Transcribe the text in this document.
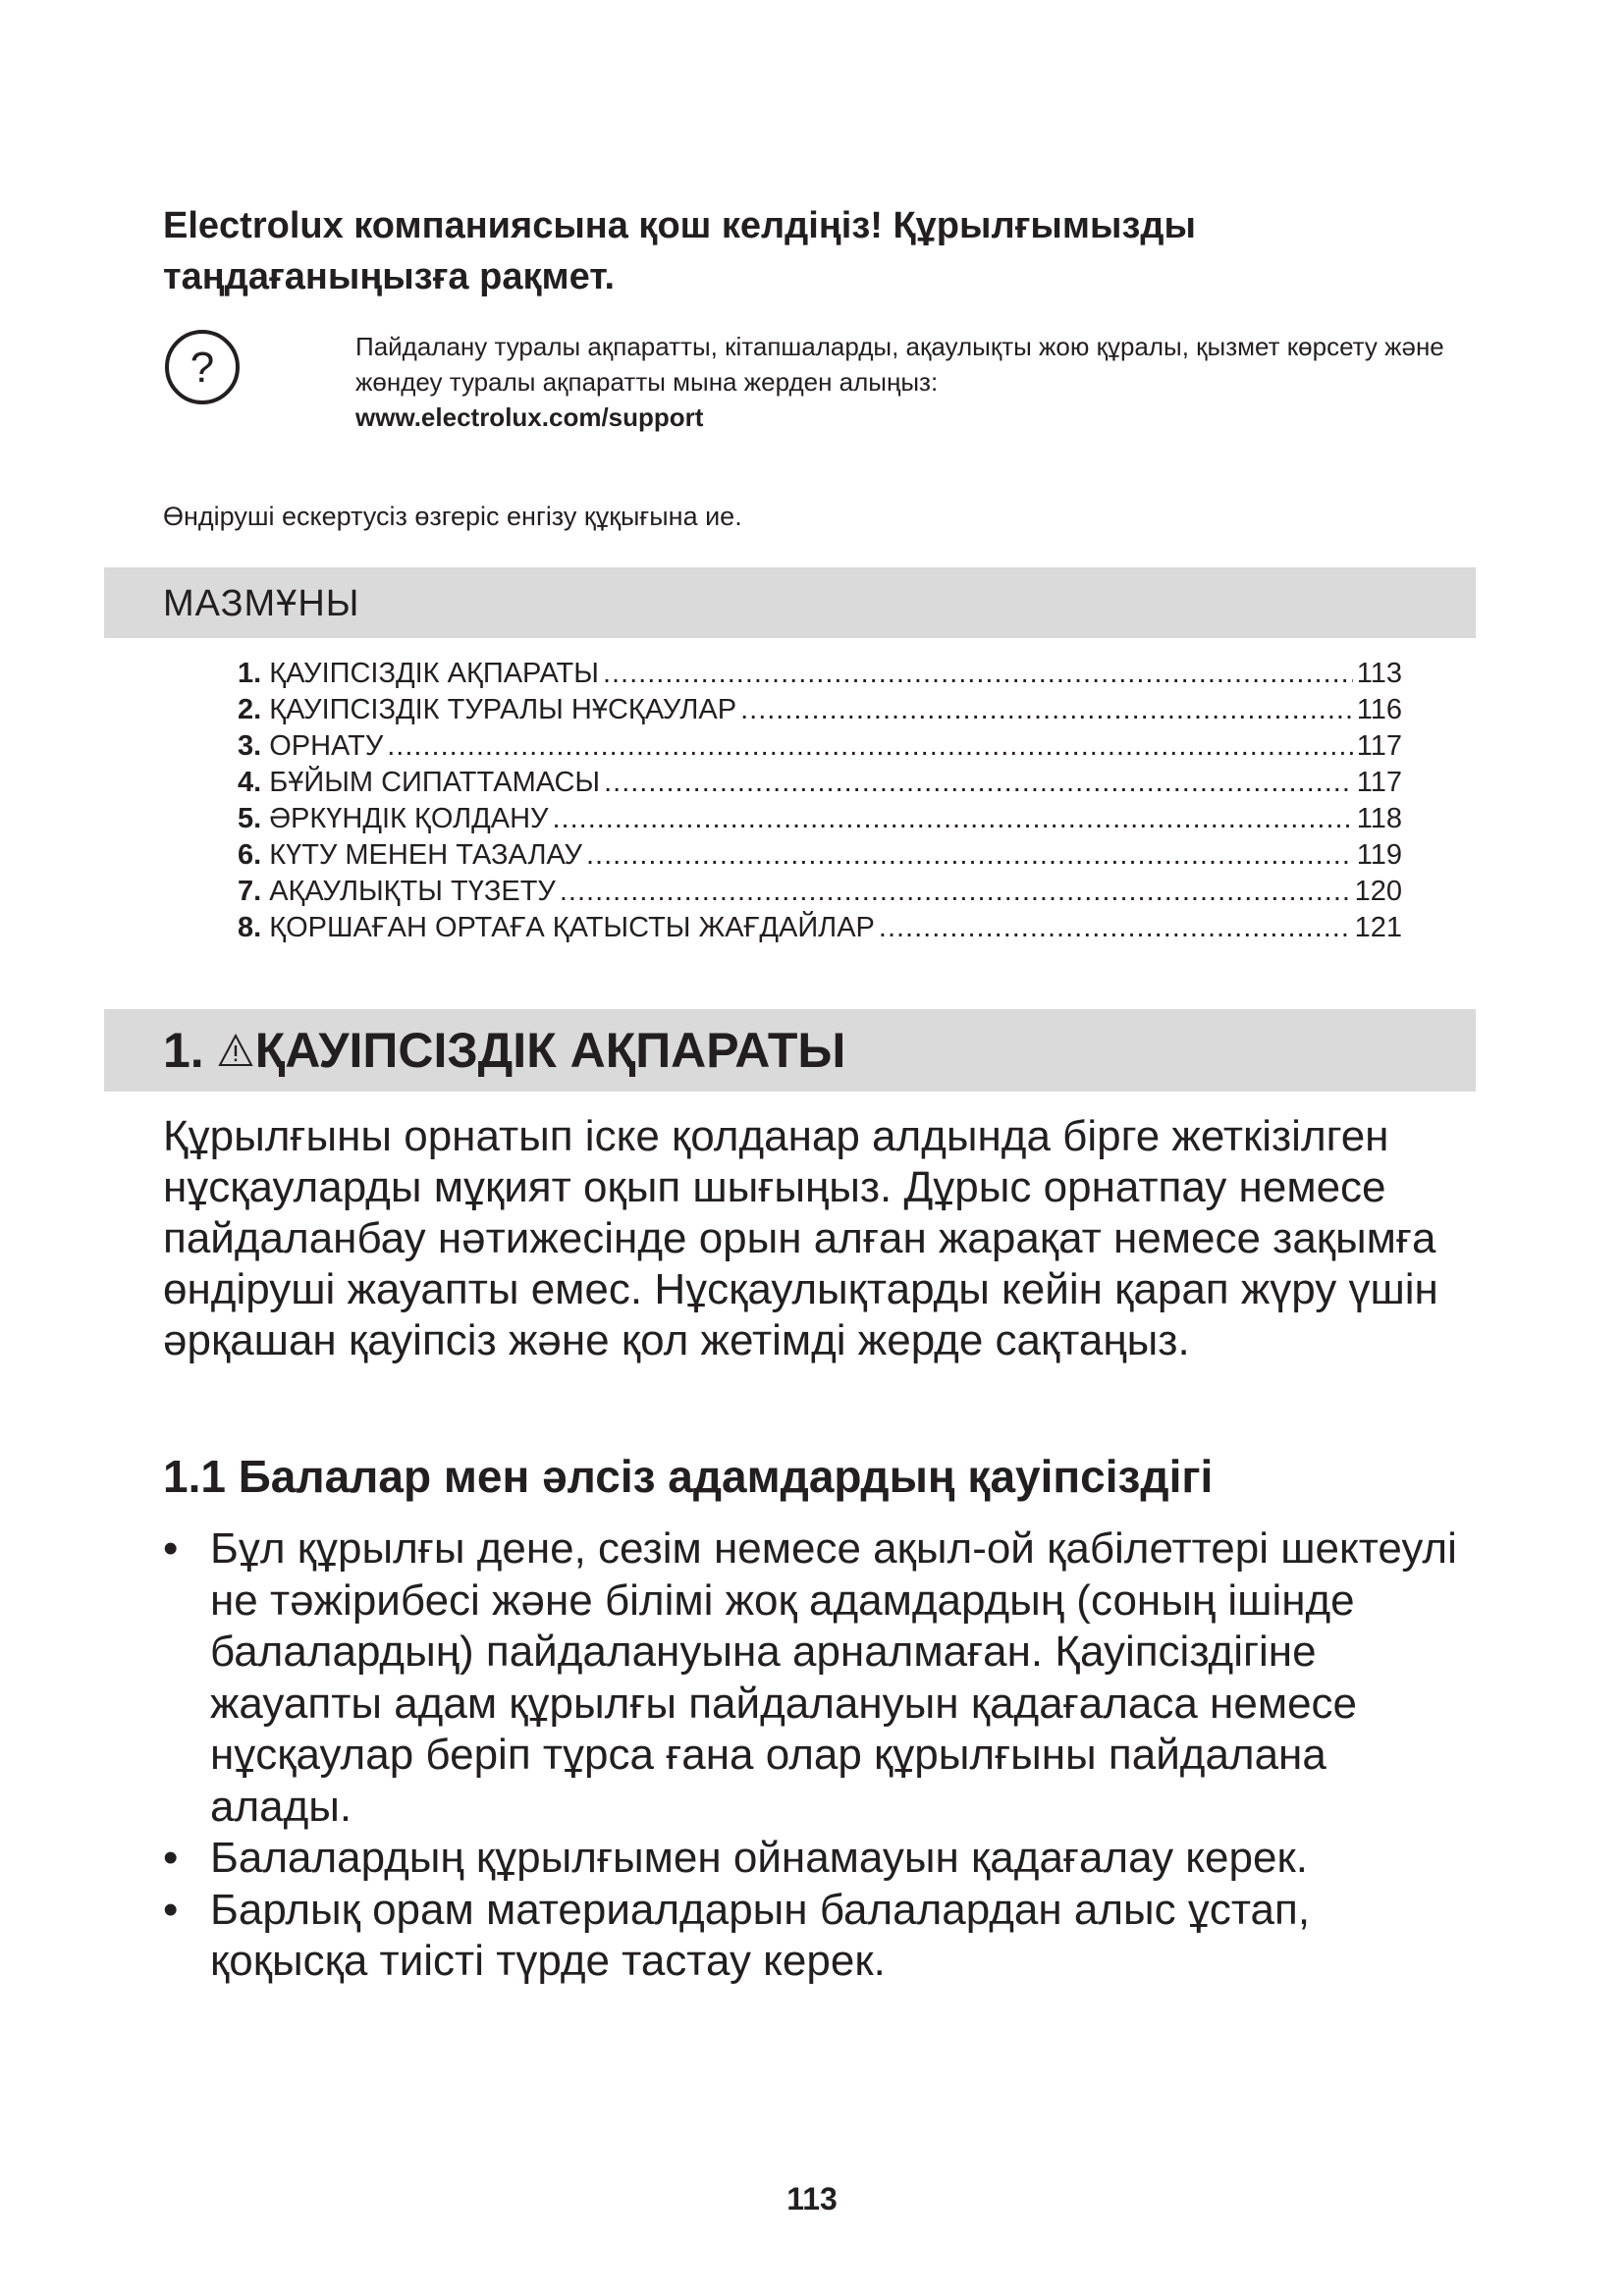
Electrolux компаниясына қош келдіңіз! Құрылғымызды таңдағаныңызға рақмет.
?	Пайдалану туралы ақпаратты, кітапшаларды, ақаулықты жою құралы, қызмет көрсету және жөндеу туралы ақпаратты мына жерден алыңыз:
www.electrolux.com/support
Өндіруші ескертусіз өзгеріс енгізу құқығына ие.
МАЗМҰНЫ
1. ҚАУІПСІЗДІК АҚПАРАТЫ .....	113
2. ҚАУІПСІЗДІК ТУРАЛЫ НҰСҚАУЛАР .....	116
3. ОРНАТУ .....	117
4. БҰЙЫМ СИПАТТАМАСЫ .....	117
5. ӘРКҮНДІК ҚОЛДАНУ .....	118
6. КҮТУ МЕНЕН ТАЗАЛАУ .....	119
7. АҚАУЛЫҚТЫ ТҮЗЕТУ .....	120
8. ҚОРШАҒАН ОРТАҒА ҚАТЫСТЫ ЖАҒДАЙЛАР .....	121
1. ҚАУІПСІЗДІК АҚПАРАТЫ

Құрылғыны орнатып іске қолданар алдында бірге жеткізілген нұсқауларды мұқият оқып шығыңыз. Дұрыс орнатпау немесе пайдаланбау нәтижесінде орын алған жарақат немесе зақымға өндіруші жауапты емес. Нұсқаулықтарды кейін қарап жүру үшін әрқашан қауіпсіз және қол жетімді жерде сақтаңыз.

1.1 Балалар мен әлсіз адамдардың қауіпсіздігі
• Бұл құрылғы дене, сезім немесе ақыл-ой қабілеттері шектеулі не тәжірибесі және білімі жоқ адамдардың (соның ішінде балалардың) пайдалануына арналмаған. Қауіпсіздігіне жауапты адам құрылғы пайдалануын қадағаласа немесе нұсқаулар беріп тұрса ғана олар құрылғыны пайдалана алады.
• Балалардың құрылғымен ойнамауын қадағалау керек.
• Барлық орам материалдарын балалардан алыс ұстап, қоқысқа тиісті түрде тастау керек.
113
